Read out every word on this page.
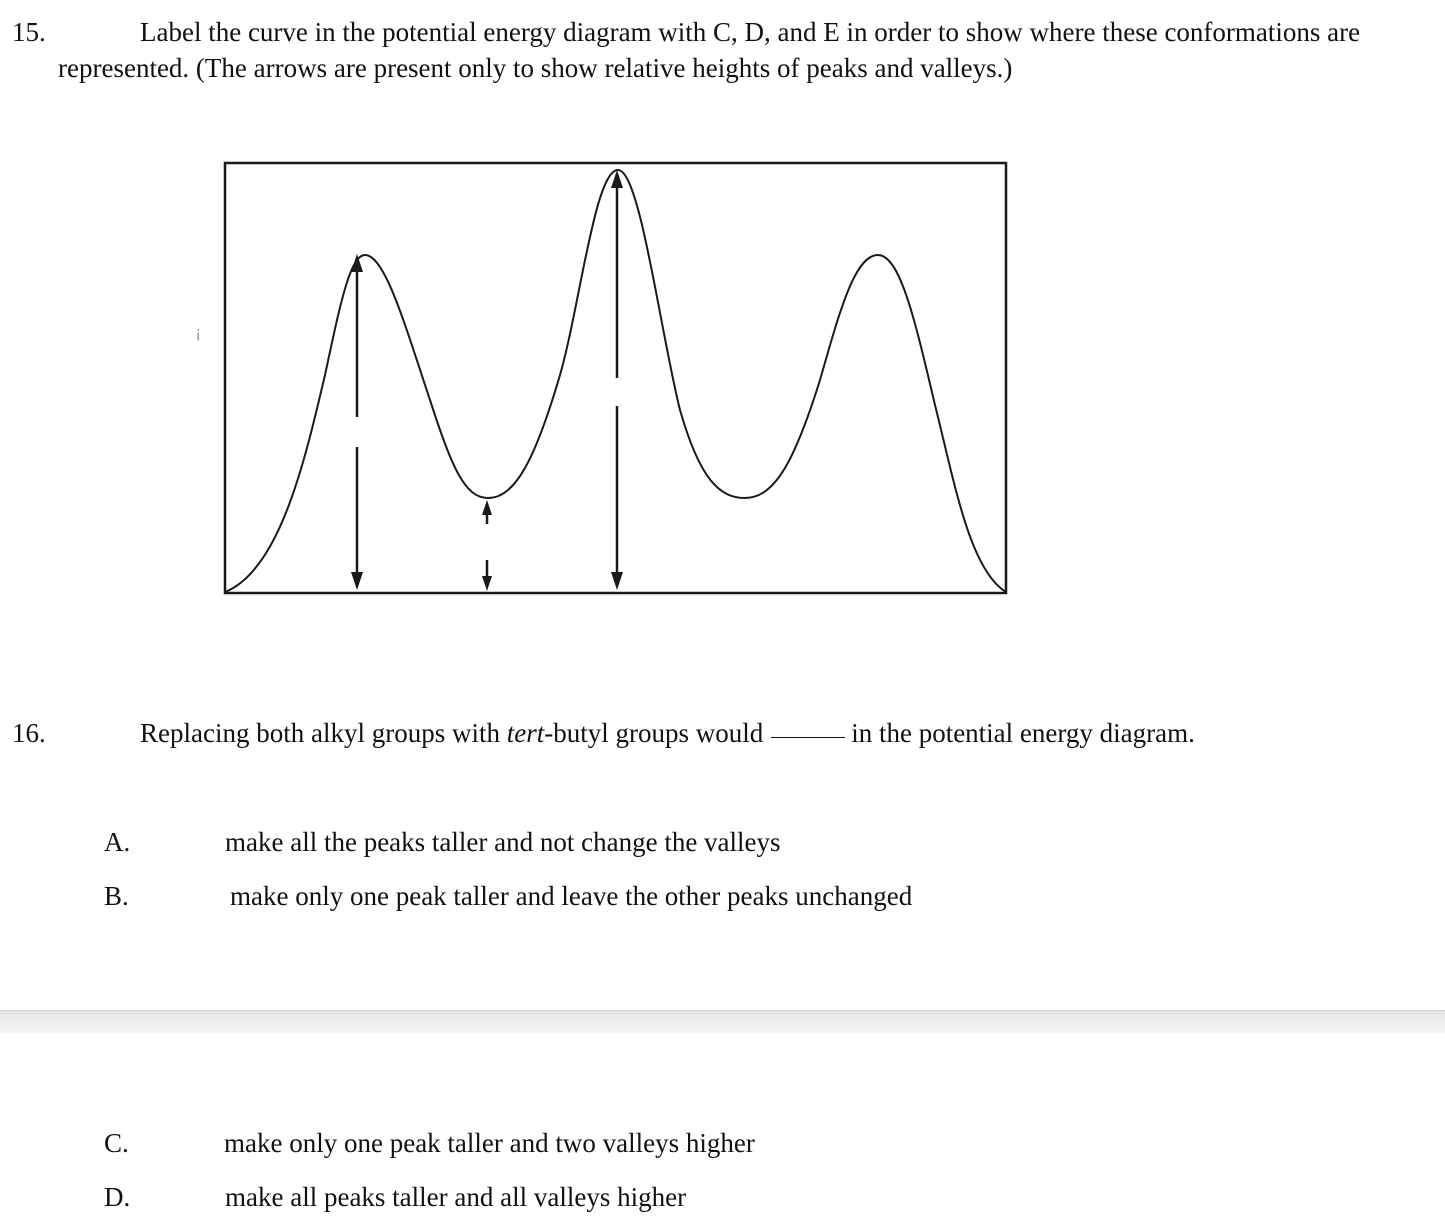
15.	Label the curve in the potential energy diagram with C, D, and E in order to show where these conformations are
represented. (The arrows are present only to show relative heights of peaks and valleys.)
¡
16.	Replacing both alkyl groups with tert-butyl groups would	in the potential energy diagram.
A.	make all the peaks taller and not change the valleys
B.	make only one peak taller and leave the other peaks unchanged
C.	make only one peak taller and two valleys higher
D.	make all peaks taller and all valleys higher
